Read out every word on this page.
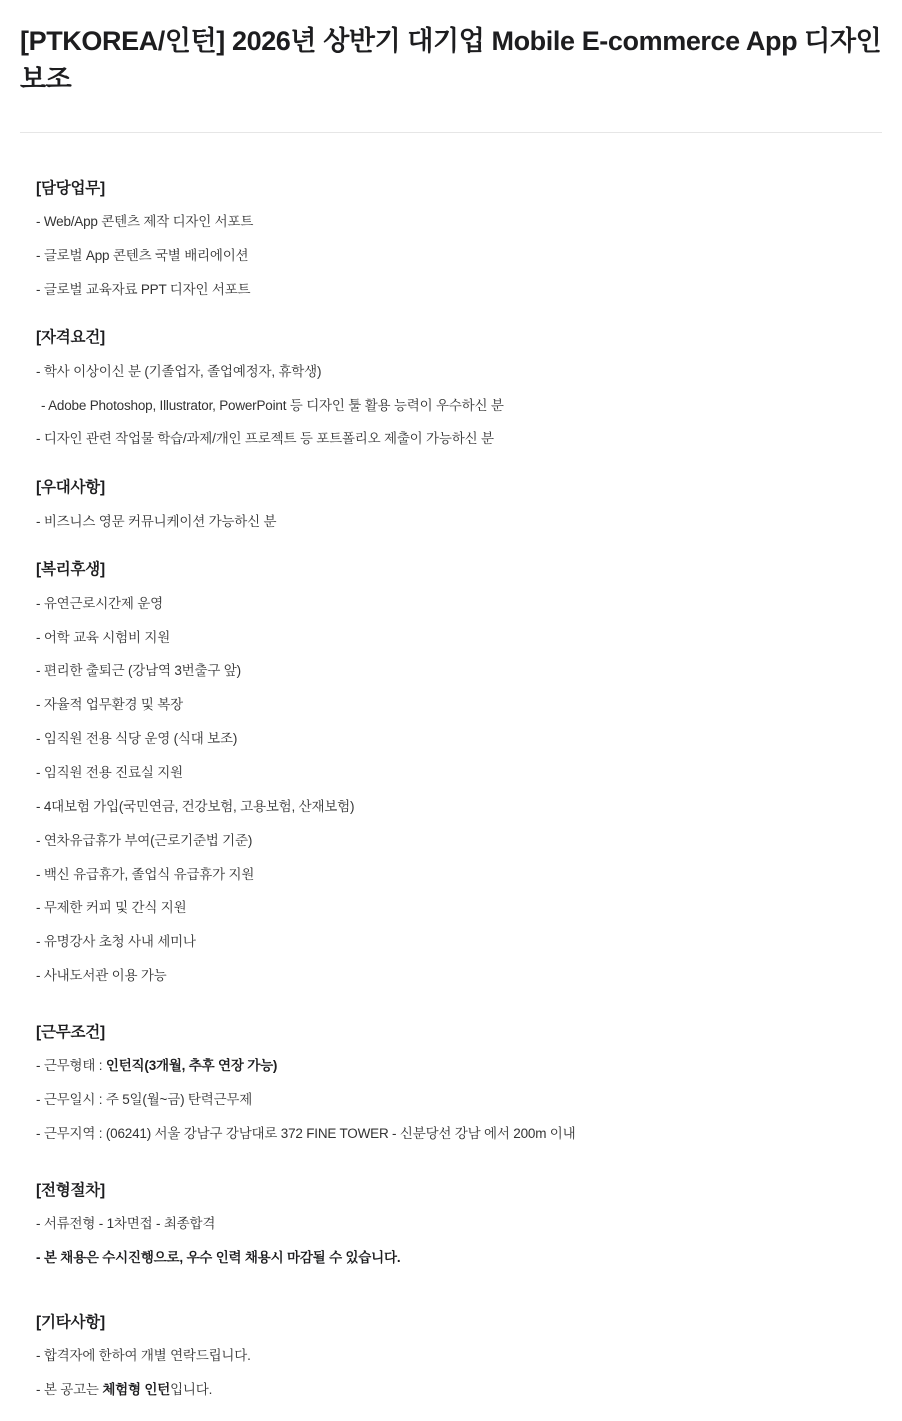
[PTKOREA/인턴] 2026년 상반기 대기업 Mobile E-commerce App 디자인 보조
[담당업무]
- Web/App 콘텐츠 제작 디자인 서포트
- 글로벌 App 콘텐츠 국별 배리에이션
- 글로벌 교육자료 PPT 디자인 서포트
[자격요건]
- 학사 이상이신 분 (기졸업자, 졸업예정자, 휴학생)
- Adobe Photoshop, Illustrator, PowerPoint 등 디자인 툴 활용 능력이 우수하신 분
- 디자인 관련 작업물 학습/과제/개인 프로젝트 등 포트폴리오 제출이 가능하신 분
[우대사항]
- 비즈니스 영문 커뮤니케이션 가능하신 분
[복리후생]
- 유연근로시간제 운영
- 어학 교육 시험비 지원
- 편리한 출퇴근 (강남역 3번출구 앞)
- 자율적 업무환경 및 복장
- 임직원 전용 식당 운영 (식대 보조)
- 임직원 전용 진료실 지원
- 4대보험 가입(국민연금, 건강보험, 고용보험, 산재보험)
- 연차유급휴가 부여(근로기준법 기준)
- 백신 유급휴가, 졸업식 유급휴가 지원
- 무제한 커피 및 간식 지원
- 유명강사 초청 사내 세미나
- 사내도서관 이용 가능
[근무조건]
- 근무형태 : 인턴직(3개월, 추후 연장 가능)
- 근무일시 : 주 5일(월~금) 탄력근무제
- 근무지역 : (06241) 서울 강남구 강남대로 372 FINE TOWER - 신분당선 강남 에서 200m 이내
[전형절차]
- 서류전형 - 1차면접 - 최종합격
- 본 채용은 수시진행으로, 우수 인력 채용시 마감될 수 있습니다.
[기타사항]
- 합격자에 한하여 개별 연락드립니다.
- 본 공고는 체험형 인턴입니다.
